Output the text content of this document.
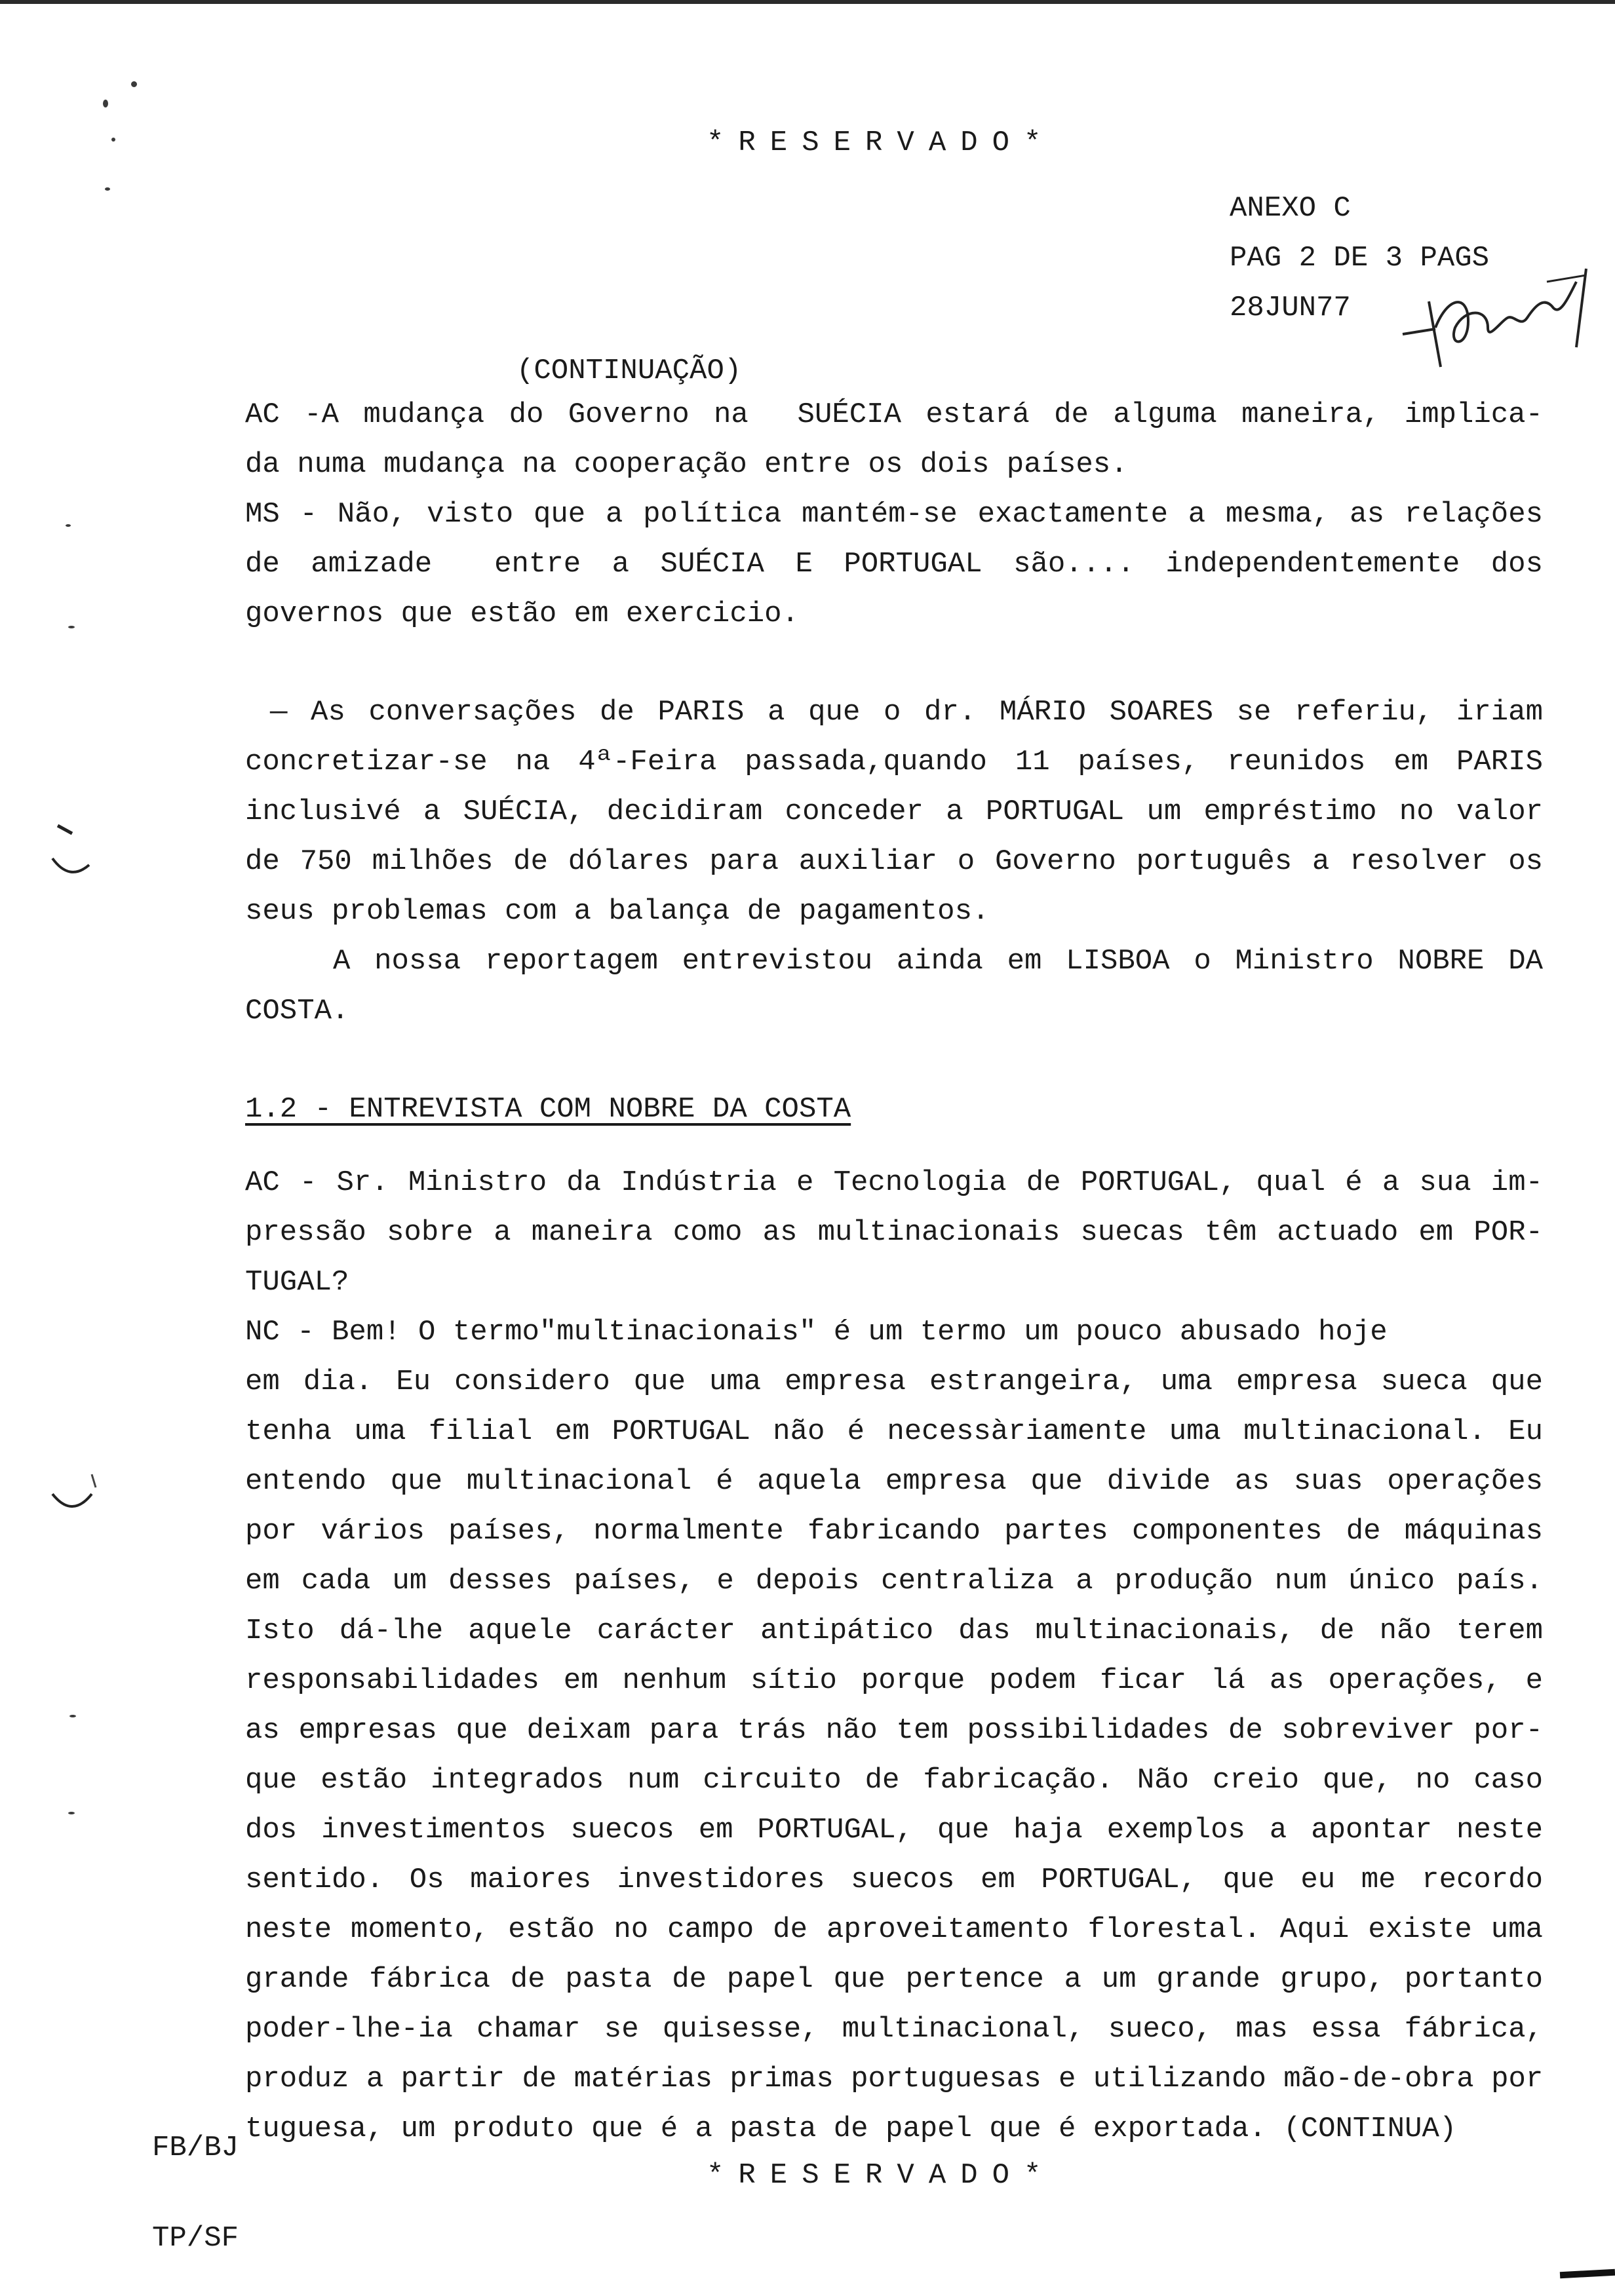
*RESERVADO*
ANEXO C
PAG 2 DE 3 PAGS
28JUN77
(CONTINUAÇÃO)
AC -A mudança do Governo na  SUÉCIA estará de alguma maneira, implica-
da numa mudança na cooperação entre os dois países.
MS - Não, visto que a política mantém-se exactamente a mesma, as relações
de amizade  entre a SUÉCIA E PORTUGAL são.... independentemente dos
governos que estão em exercicio.
— As conversações de PARIS a que o dr. MÁRIO SOARES se referiu, iriam
concretizar-se na 4ª-Feira passada,quando 11 países, reunidos em PARIS
inclusivé a SUÉCIA, decidiram conceder a PORTUGAL um empréstimo no valor
de 750 milhões de dólares para auxiliar o Governo português a resolver os
seus problemas com a balança de pagamentos.
A nossa reportagem entrevistou ainda em LISBOA o Ministro NOBRE DA
COSTA.
1.2 - ENTREVISTA COM NOBRE DA COSTA
AC - Sr. Ministro da Indústria e Tecnologia de PORTUGAL, qual é a sua im-
pressão sobre a maneira como as multinacionais suecas têm actuado em POR-
TUGAL?
NC - Bem! O termo"multinacionais" é um termo um pouco abusado hoje
em dia. Eu considero que uma empresa estrangeira, uma empresa sueca que
tenha uma filial em PORTUGAL não é necessàriamente uma multinacional. Eu
entendo que multinacional é aquela empresa que divide as suas operações
por vários países, normalmente fabricando partes componentes de máquinas
em cada um desses países, e depois centraliza a produção num único país.
Isto dá-lhe aquele carácter antipático das multinacionais, de não terem
responsabilidades em nenhum sítio porque podem ficar lá as operações, e
as empresas que deixam para trás não tem possibilidades de sobreviver por-
que estão integrados num circuito de fabricação. Não creio que, no caso
dos investimentos suecos em PORTUGAL, que haja exemplos a apontar neste
sentido. Os maiores investidores suecos em PORTUGAL, que eu me recordo
neste momento, estão no campo de aproveitamento florestal. Aqui existe uma
grande fábrica de pasta de papel que pertence a um grande grupo, portanto
poder-lhe-ia chamar se quisesse, multinacional, sueco, mas essa fábrica,
produz a partir de matérias primas portuguesas e utilizando mão-de-obra por
tuguesa, um produto que é a pasta de papel que é exportada. (CONTINUA)
FB/BJ
*RESERVADO*
TP/SF
